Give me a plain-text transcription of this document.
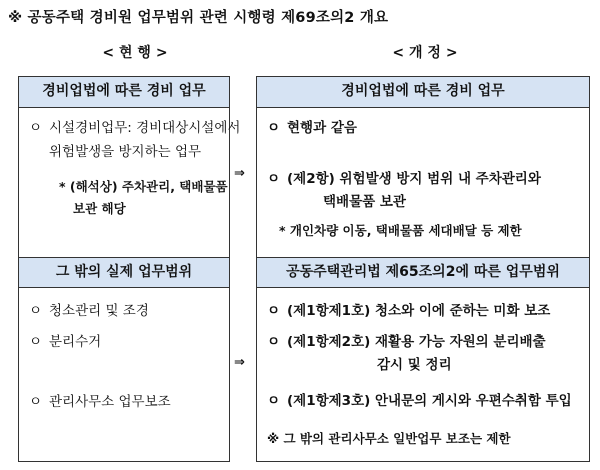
※ 공동주택 경비원 업무범위 관련 시행령 제69조의2 개요
< 현 행 >	< 개 정 >
경비업법에 따른 경비 업무
ㅇ 시설경비업무: 경비대상시설에서
위험발생을 방지하는 업무
* (해석상) 주차관리, 택배물품
보관 해당
그 밖의 실제 업무범위
ㅇ 청소관리 및 조경
ㅇ 분리수거
ㅇ 관리사무소 업무보조
⇒
⇒
경비업법에 따른 경비 업무
ㅇ 현행과 같음
ㅇ (제2항) 위험발생 방지 범위 내 주차관리와
택배물품 보관
* 개인차량 이동, 택배물품 세대배달 등 제한
공동주택관리법 제65조의2에 따른 업무범위
ㅇ (제1항제1호) 청소와 이에 준하는 미화 보조
ㅇ (제1항제2호) 재활용 가능 자원의 분리배출
감시 및 정리
ㅇ (제1항제3호) 안내문의 게시와 우편수취함 투입
※ 그 밖의 관리사무소 일반업무 보조는 제한
